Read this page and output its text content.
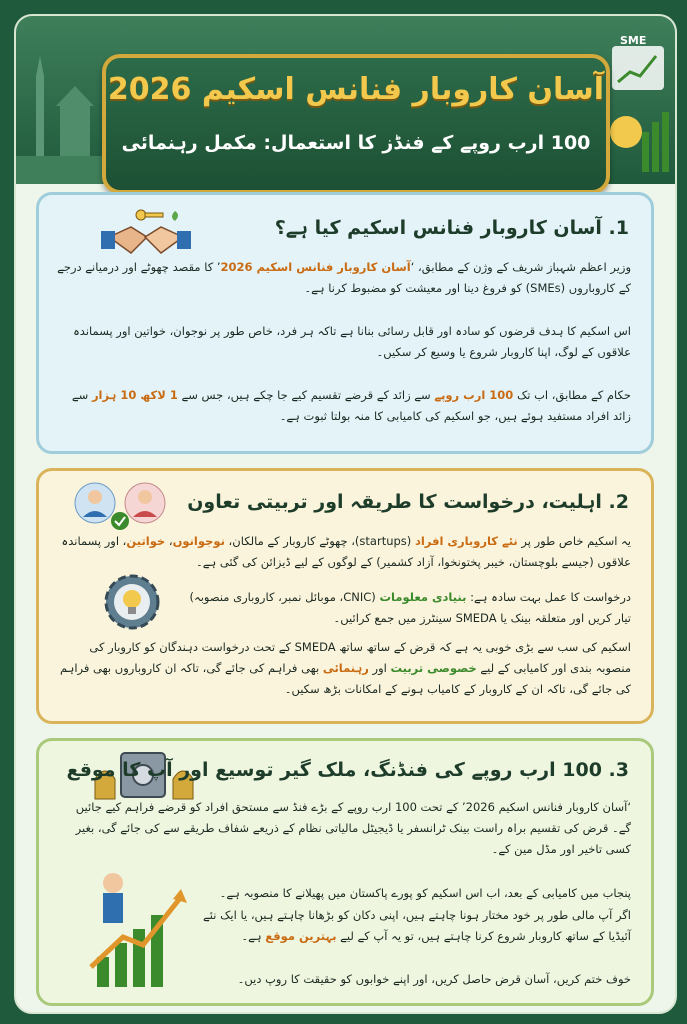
SME
آسان کاروبار فنانس اسکیم 2026
100 ارب روپے کے فنڈز کا استعمال: مکمل رہنمائی
1. آسان کاروبار فنانس اسکیم کیا ہے؟
وزیر اعظم شہباز شریف کے وژن کے مطابق، ‘آسان کاروبار فنانس اسکیم 2026’ کا مقصد چھوٹے اور درمیانے درجے کے کاروباروں (SMEs) کو فروغ دینا اور معیشت کو مضبوط کرنا ہے۔
اس اسکیم کا ہدف قرضوں کو سادہ اور قابل رسائی بنانا ہے تاکہ ہر فرد، خاص طور پر نوجوان، خواتین اور پسماندہ علاقوں کے لوگ، اپنا کاروبار شروع یا وسیع کر سکیں۔
حکام کے مطابق، اب تک 100 ارب روپے سے زائد کے قرضے تقسیم کیے جا چکے ہیں، جس سے 1 لاکھ 10 ہزار سے زائد افراد مستفید ہوئے ہیں، جو اسکیم کی کامیابی کا منہ بولتا ثبوت ہے۔
2. اہلیت، درخواست کا طریقہ اور تربیتی تعاون
یہ اسکیم خاص طور پر نئے کاروباری افراد (startups)، چھوٹے کاروبار کے مالکان، نوجوانوں، خواتین، اور پسماندہ علاقوں (جیسے بلوچستان، خیبر پختونخوا، آزاد کشمیر) کے لوگوں کے لیے ڈیزائن کی گئی ہے۔
درخواست کا عمل بہت سادہ ہے: بنیادی معلومات (CNIC، موبائل نمبر، کاروباری منصوبہ) تیار کریں اور متعلقہ بینک یا SMEDA سینٹرز میں جمع کرائیں۔
اسکیم کی سب سے بڑی خوبی یہ ہے کہ قرض کے ساتھ ساتھ SMEDA کے تحت درخواست دہندگان کو کاروبار کی منصوبہ بندی اور کامیابی کے لیے خصوصی تربیت اور رہنمائی بھی فراہم کی جائے گی، تاکہ ان کاروباروں بھی فراہم کی جائے گی، تاکہ ان کے کاروبار کے کامیاب ہونے کے امکانات بڑھ سکیں۔
3. 100 ارب روپے کی فنڈنگ، ملک گیر توسیع اور آپ کا موقع
‘آسان کاروبار فنانس اسکیم 2026’ کے تحت 100 ارب روپے کے بڑے فنڈ سے مستحق افراد کو قرضے فراہم کیے جائیں گے۔ قرض کی تقسیم براہ راست بینک ٹرانسفر یا ڈیجیٹل مالیاتی نظام کے ذریعے شفاف طریقے سے کی جائے گی، بغیر کسی تاخیر اور مڈل مین کے۔
پنجاب میں کامیابی کے بعد، اب اس اسکیم کو پورے پاکستان میں پھیلانے کا منصوبہ ہے۔
اگر آپ مالی طور پر خود مختار ہونا چاہتے ہیں، اپنی دکان کو بڑھانا چاہتے ہیں، یا ایک نئے آئیڈیا کے ساتھ کاروبار شروع کرنا چاہتے ہیں، تو یہ آپ کے لیے بہترین موقع ہے۔
خوف ختم کریں، آسان قرض حاصل کریں، اور اپنے خوابوں کو حقیقت کا روپ دیں۔
